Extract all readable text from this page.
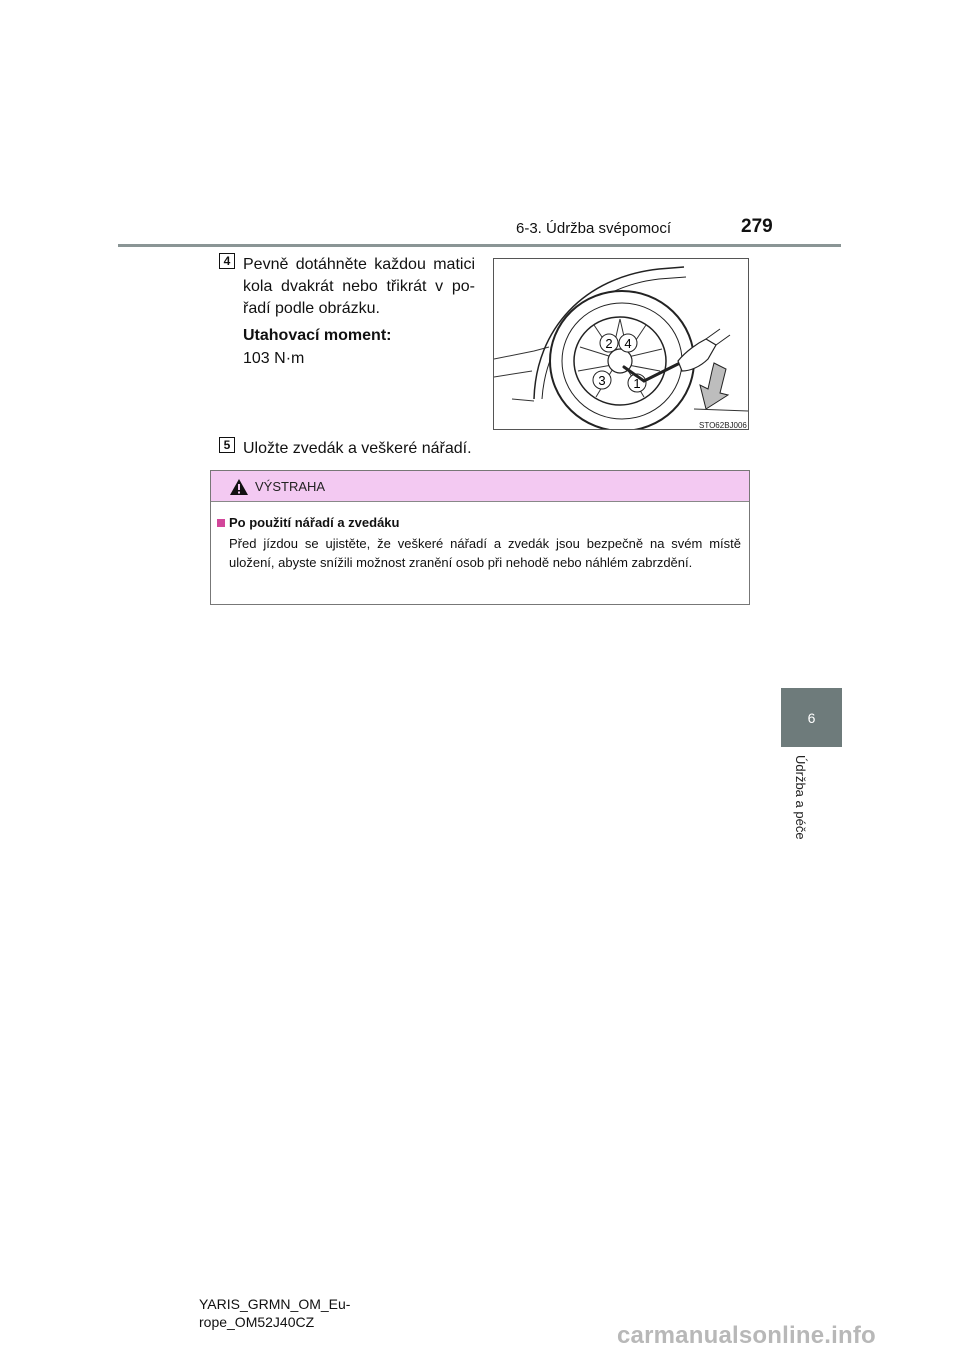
6-3. Údržba svépomocí	279
6
Údržba a péče
4 Pevně dotáhněte každou matici kola dvakrát nebo třikrát v pořadí podle obrázku.

Utahovací moment:
103 N·m
2 4
3 1
STO62BJ006
5 Uložte zvedák a veškeré nářadí.
VÝSTRAHA
Po použití nářadí a zvedáku
Před jízdou se ujistěte, že veškeré nářadí a zvedák jsou bezpečně na svém místě uložení, abyste snížili možnost zranění osob při nehodě nebo náhlém zabrzdění.
YARIS_GRMN_OM_Eu-
rope_OM52J40CZ	carmanualsonline.info
